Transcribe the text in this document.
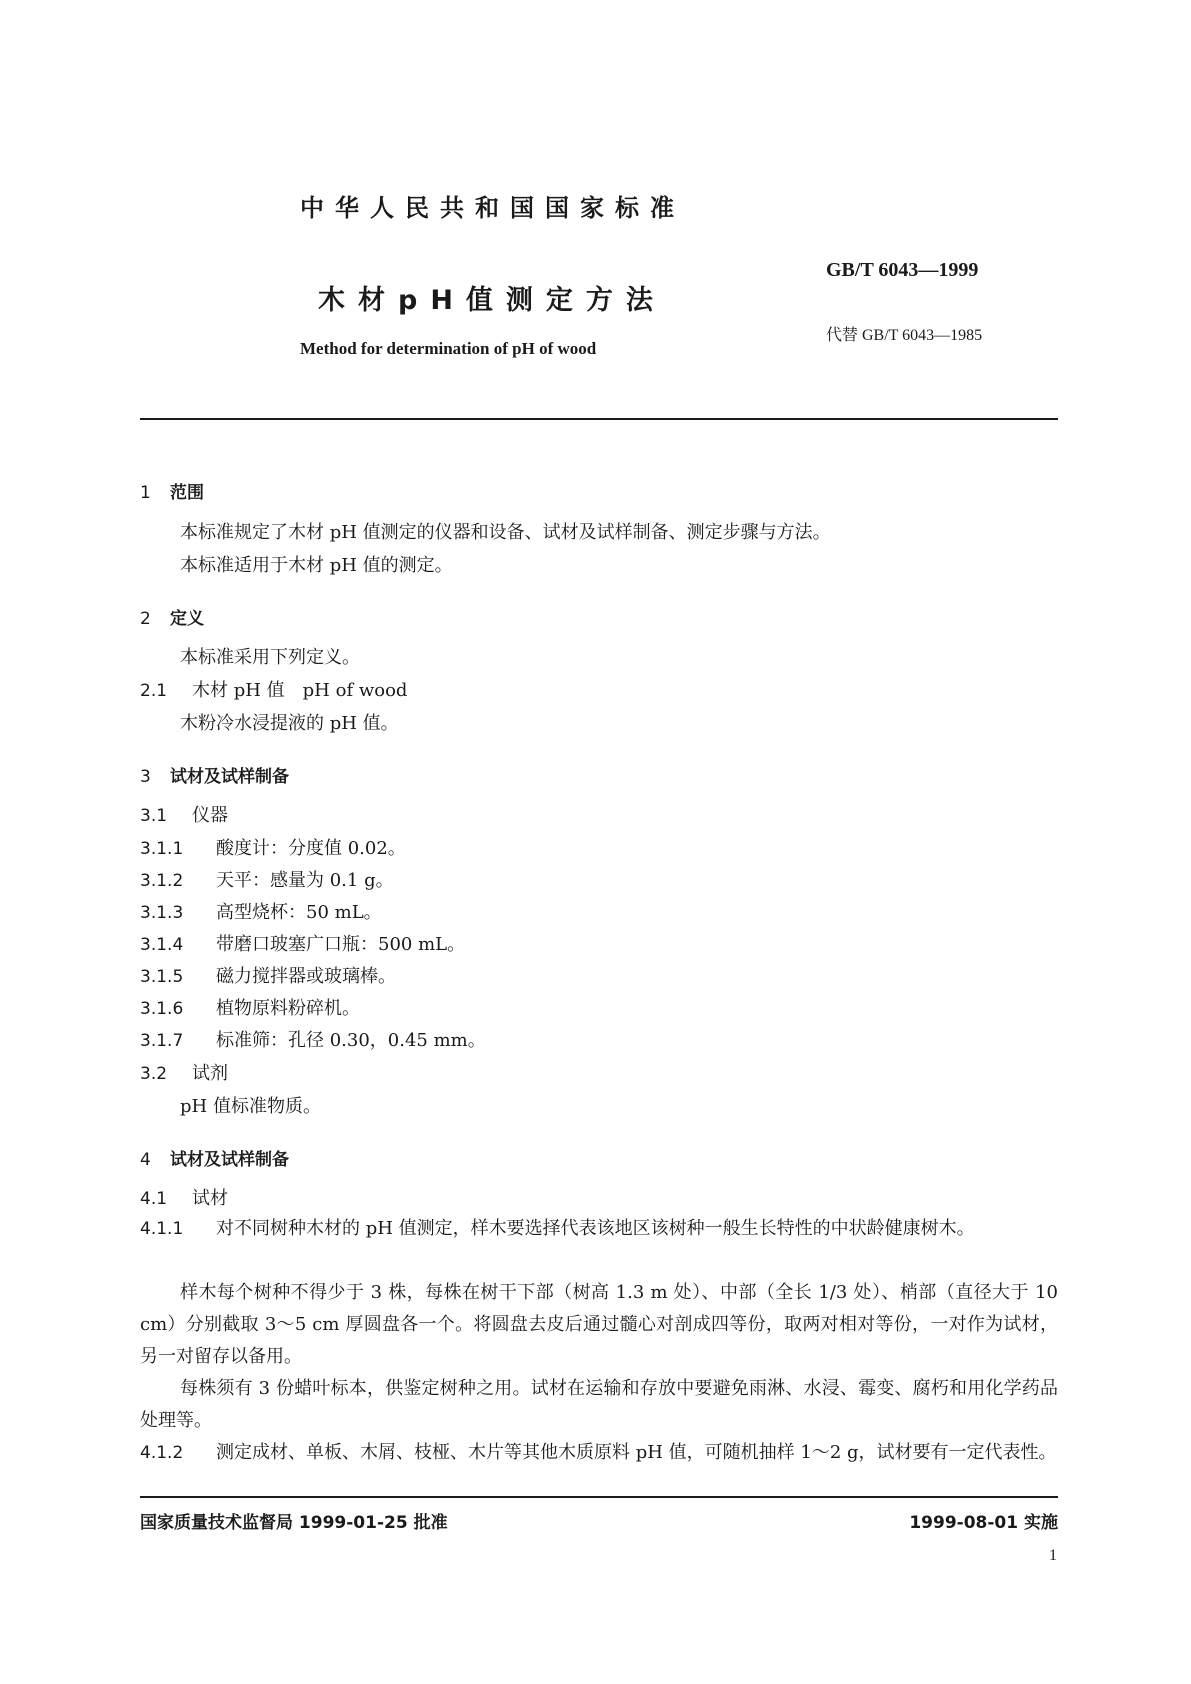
中华人民共和国国家标准
木材pH值测定方法
Method for determination of pH of wood
GB/T 6043—1999
代替 GB/T 6043—1985
1 范围
本标准规定了木材 pH 值测定的仪器和设备、试材及试样制备、测定步骤与方法。
本标准适用于木材 pH 值的测定。
2 定义
本标准采用下列定义。
2.1 木材 pH 值　pH of wood
木粉冷水浸提液的 pH 值。
3 试材及试样制备
3.1 仪器
3.1.1 酸度计：分度值 0.02。
3.1.2 天平：感量为 0.1 g。
3.1.3 高型烧杯：50 mL。
3.1.4 带磨口玻塞广口瓶：500 mL。
3.1.5 磁力搅拌器或玻璃棒。
3.1.6 植物原料粉碎机。
3.1.7 标准筛：孔径 0.30，0.45 mm。
3.2 试剂
pH 值标准物质。
4 试材及试样制备
4.1 试材
4.1.1 对不同树种木材的 pH 值测定，样木要选择代表该地区该树种一般生长特性的中状龄健康树木。
样木每个树种不得少于 3 株，每株在树干下部（树高 1.3 m 处）、中部（全长 1/3 处）、梢部（直径大于 10 cm）分别截取 3～5 cm 厚圆盘各一个。将圆盘去皮后通过髓心对剖成四等份，取两对相对等份，一对作为试材，另一对留存以备用。
每株须有 3 份蜡叶标本，供鉴定树种之用。试材在运输和存放中要避免雨淋、水浸、霉变、腐朽和用化学药品处理等。
4.1.2 测定成材、单板、木屑、枝桠、木片等其他木质原料 pH 值，可随机抽样 1～2 g，试材要有一定代表性。
国家质量技术监督局 1999-01-25 批准	1999-08-01 实施
1
